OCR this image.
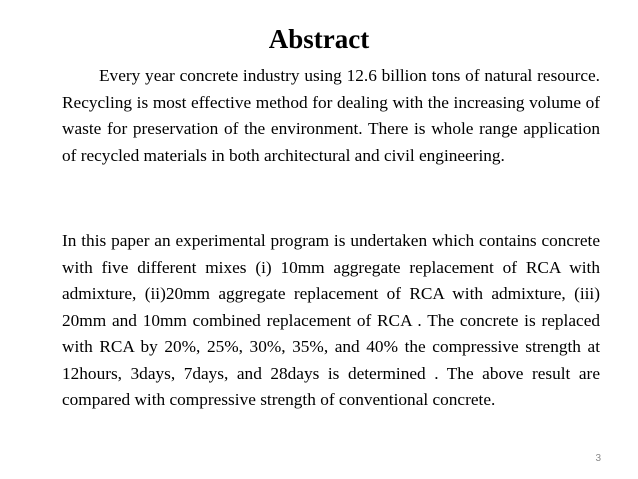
Abstract

Every year concrete industry using 12.6 billion tons of natural resource. Recycling is most effective method for dealing with the increasing volume of waste for preservation of the environment. There is whole range application of recycled materials in both architectural and civil engineering.

In this paper an experimental program is undertaken which contains concrete with five different mixes (i) 10mm aggregate replacement of RCA with admixture, (ii)20mm aggregate replacement of RCA with admixture, (iii) 20mm and 10mm combined replacement of RCA . The concrete is replaced with RCA by 20%, 25%, 30%, 35%, and 40% the compressive strength at 12hours, 3days, 7days, and 28days is determined . The above result are compared with compressive strength of conventional concrete.

3
